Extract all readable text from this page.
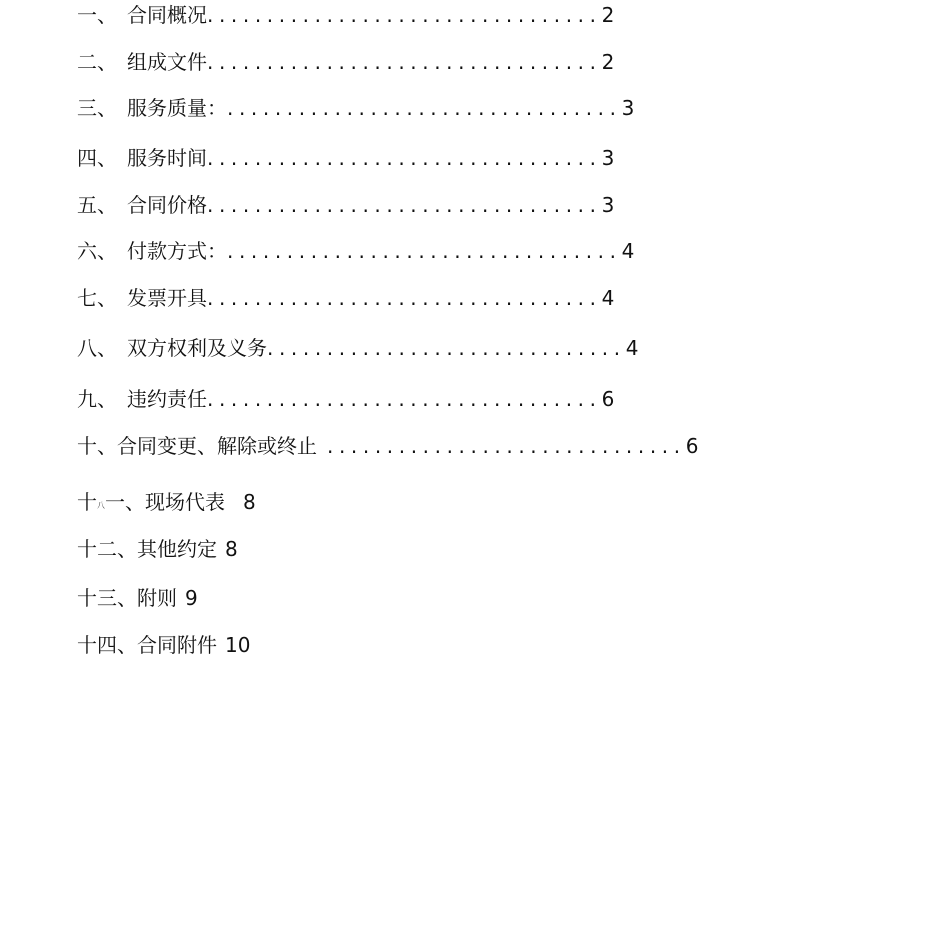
一、 合同概况.................................2
二、 组成文件.................................2
三、 服务质量：.................................3
四、 服务时间.................................3
五、 合同价格.................................3
六、 付款方式：.................................4
七、 发票开具.................................4
八、 双方权利及义务..............................4
九、 违约责任.................................6
十、合同变更、解除或终止 ..............................6
十八一、现场代表 8
十二、其他约定 8
十三、附则 9
十四、合同附件 10
